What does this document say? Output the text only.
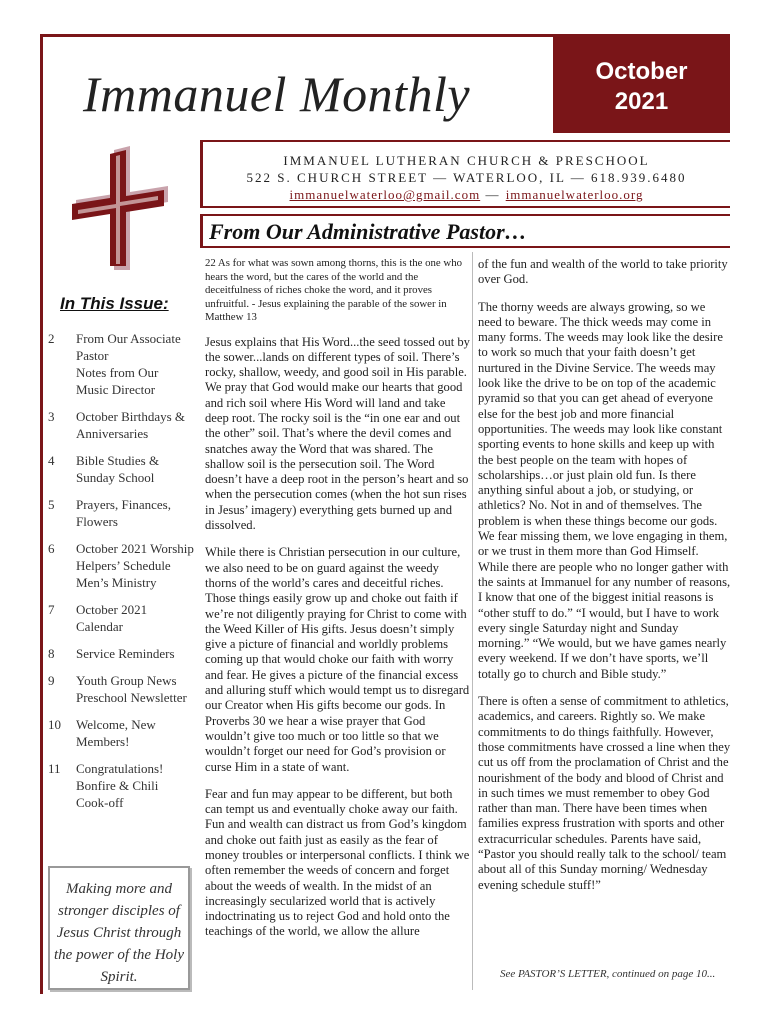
Immanuel Monthly	October
2021
IMMANUEL LUTHERAN CHURCH & PRESCHOOL
522 S. CHURCH STREET — WATERLOO, IL — 618.939.6480
immanuelwaterloo@gmail.com — immanuelwaterloo.org
From Our Administrative Pastor…
In This Issue:
2	From Our Associate Pastor
Notes from Our Music Director
3	October Birthdays & Anniversaries
4	Bible Studies & Sunday School
5	Prayers, Finances, Flowers
6	October 2021 Worship Helpers’ Schedule
Men’s Ministry
7	October 2021 Calendar
8	Service Reminders
9	Youth Group News
Preschool Newsletter
10	Welcome, New Members!
11	Congratulations!
Bonfire & Chili Cook-off
Making more and stronger disciples of Jesus Christ through the power of the Holy Spirit.

22 As for what was sown among thorns, this is the one who hears the word, but the cares of the world and the deceitfulness of riches choke the word, and it proves unfruitful. - Jesus explaining the parable of the sower in Matthew 13

Jesus explains that His Word...the seed tossed out by the sower...lands on different types of soil. There’s rocky, shallow, weedy, and good soil in His parable. We pray that God would make our hearts that good and rich soil where His Word will land and take deep root. The rocky soil is the “in one ear and out the other” soil. That’s where the devil comes and snatches away the Word that was shared. The shallow soil is the persecution soil. The Word doesn’t have a deep root in the person’s heart and so when the persecution comes (when the hot sun rises in Jesus’ imagery) everything gets burned up and dissolved.

While there is Christian persecution in our culture, we also need to be on guard against the weedy thorns of the world’s cares and deceitful riches. Those things easily grow up and choke out faith if we’re not diligently praying for Christ to come with the Weed Killer of His gifts. Jesus doesn’t simply give a picture of financial and worldly problems coming up that would choke our faith with worry and fear. He gives a picture of the financial excess and alluring stuff which would tempt us to disregard our Creator when His gifts become our gods. In Proverbs 30 we hear a wise prayer that God wouldn’t give too much or too little so that we wouldn’t forget our need for God’s provision or curse Him in a state of want.

Fear and fun may appear to be different, but both can tempt us and eventually choke away our faith. Fun and wealth can distract us from God’s kingdom and choke out faith just as easily as the fear of money troubles or interpersonal conflicts. I think we often remember the weeds of concern and forget about the weeds of wealth. In the midst of an increasingly secularized world that is actively indoctrinating us to reject God and hold onto the teachings of the world, we allow the allure

of the fun and wealth of the world to take priority over God.

The thorny weeds are always growing, so we need to beware. The thick weeds may come in many forms. The weeds may look like the desire to work so much that your faith doesn’t get nurtured in the Divine Service. The weeds may look like the drive to be on top of the academic pyramid so that you can get ahead of everyone else for the best job and more financial opportunities. The weeds may look like constant sporting events to hone skills and keep up with the best people on the team with hopes of scholarships…or just plain old fun. Is there anything sinful about a job, or studying, or athletics? No. Not in and of themselves. The problem is when these things become our gods. We fear missing them, we love engaging in them, or we trust in them more than God Himself. While there are people who no longer gather with the saints at Immanuel for any number of reasons, I know that one of the biggest initial reasons is “other stuff to do.” “I would, but I have to work every single Saturday night and Sunday morning.” “We would, but we have games nearly every weekend. If we don’t have sports, we’ll totally go to church and Bible study.”

There is often a sense of commitment to athletics, academics, and careers. Rightly so. We make commitments to do things faithfully. However, those commitments have crossed a line when they cut us off from the proclamation of Christ and the nourishment of the body and blood of Christ and in such times we must remember to obey God rather than man. There have been times when families express frustration with sports and other extracurricular schedules. Parents have said, “Pastor you should really talk to the school/ team about all of this Sunday morning/ Wednesday evening schedule stuff!”

See PASTOR’S LETTER, continued on page 10...
